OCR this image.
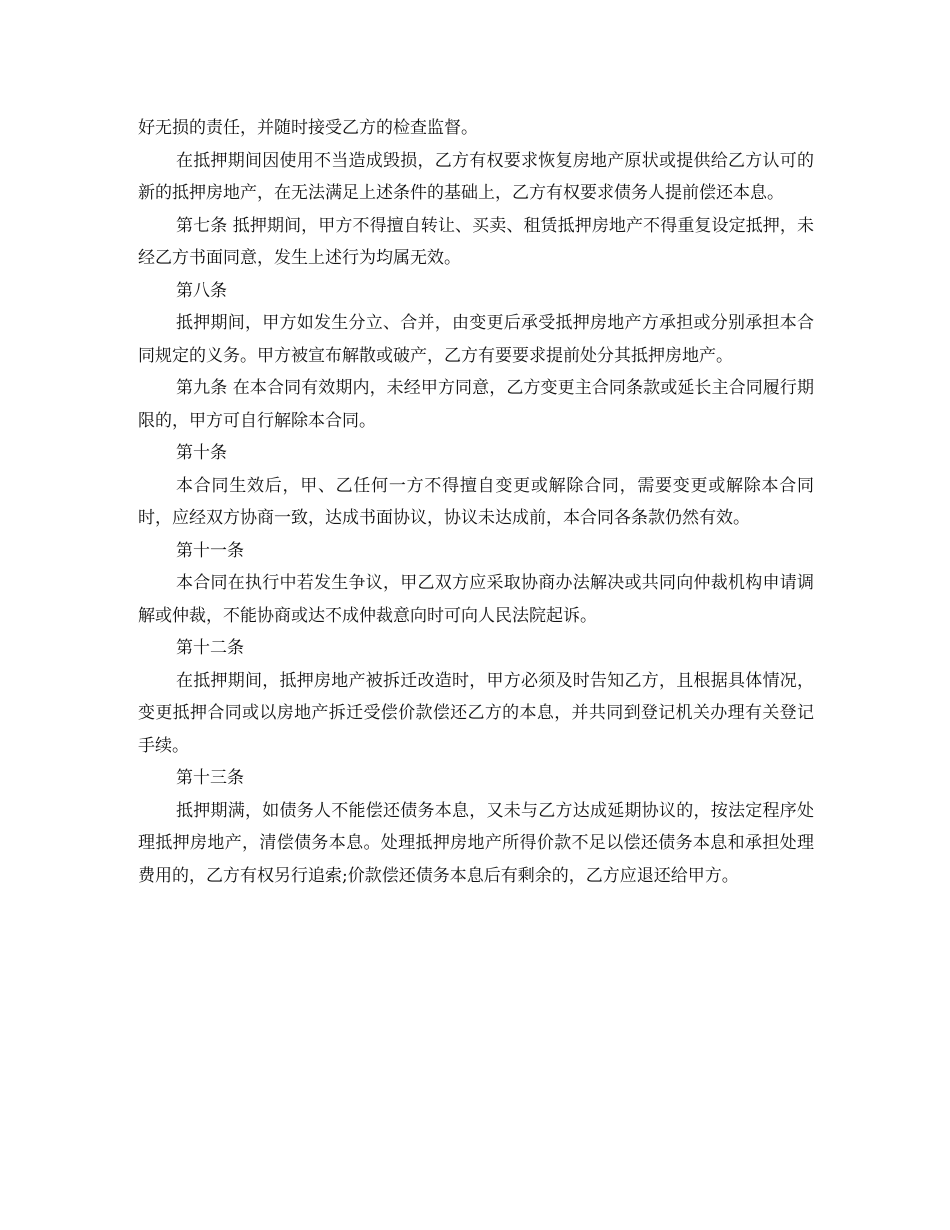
好无损的责任，并随时接受乙方的检查监督。

在抵押期间因使用不当造成毁损，乙方有权要求恢复房地产原状或提供给乙方认可的新的抵押房地产，在无法满足上述条件的基础上，乙方有权要求债务人提前偿还本息。

第七条 抵押期间，甲方不得擅自转让、买卖、租赁抵押房地产不得重复设定抵押，未经乙方书面同意，发生上述行为均属无效。

第八条

抵押期间，甲方如发生分立、合并，由变更后承受抵押房地产方承担或分别承担本合同规定的义务。甲方被宣布解散或破产，乙方有要要求提前处分其抵押房地产。

第九条 在本合同有效期内，未经甲方同意，乙方变更主合同条款或延长主合同履行期限的，甲方可自行解除本合同。

第十条

本合同生效后，甲、乙任何一方不得擅自变更或解除合同，需要变更或解除本合同时，应经双方协商一致，达成书面协议，协议未达成前，本合同各条款仍然有效。

第十一条

本合同在执行中若发生争议，甲乙双方应采取协商办法解决或共同向仲裁机构申请调解或仲裁，不能协商或达不成仲裁意向时可向人民法院起诉。

第十二条

在抵押期间，抵押房地产被拆迁改造时，甲方必须及时告知乙方，且根据具体情况，变更抵押合同或以房地产拆迁受偿价款偿还乙方的本息，并共同到登记机关办理有关登记手续。

第十三条

抵押期满，如债务人不能偿还债务本息，又未与乙方达成延期协议的，按法定程序处理抵押房地产，清偿债务本息。处理抵押房地产所得价款不足以偿还债务本息和承担处理费用的，乙方有权另行追索;价款偿还债务本息后有剩余的，乙方应退还给甲方。
